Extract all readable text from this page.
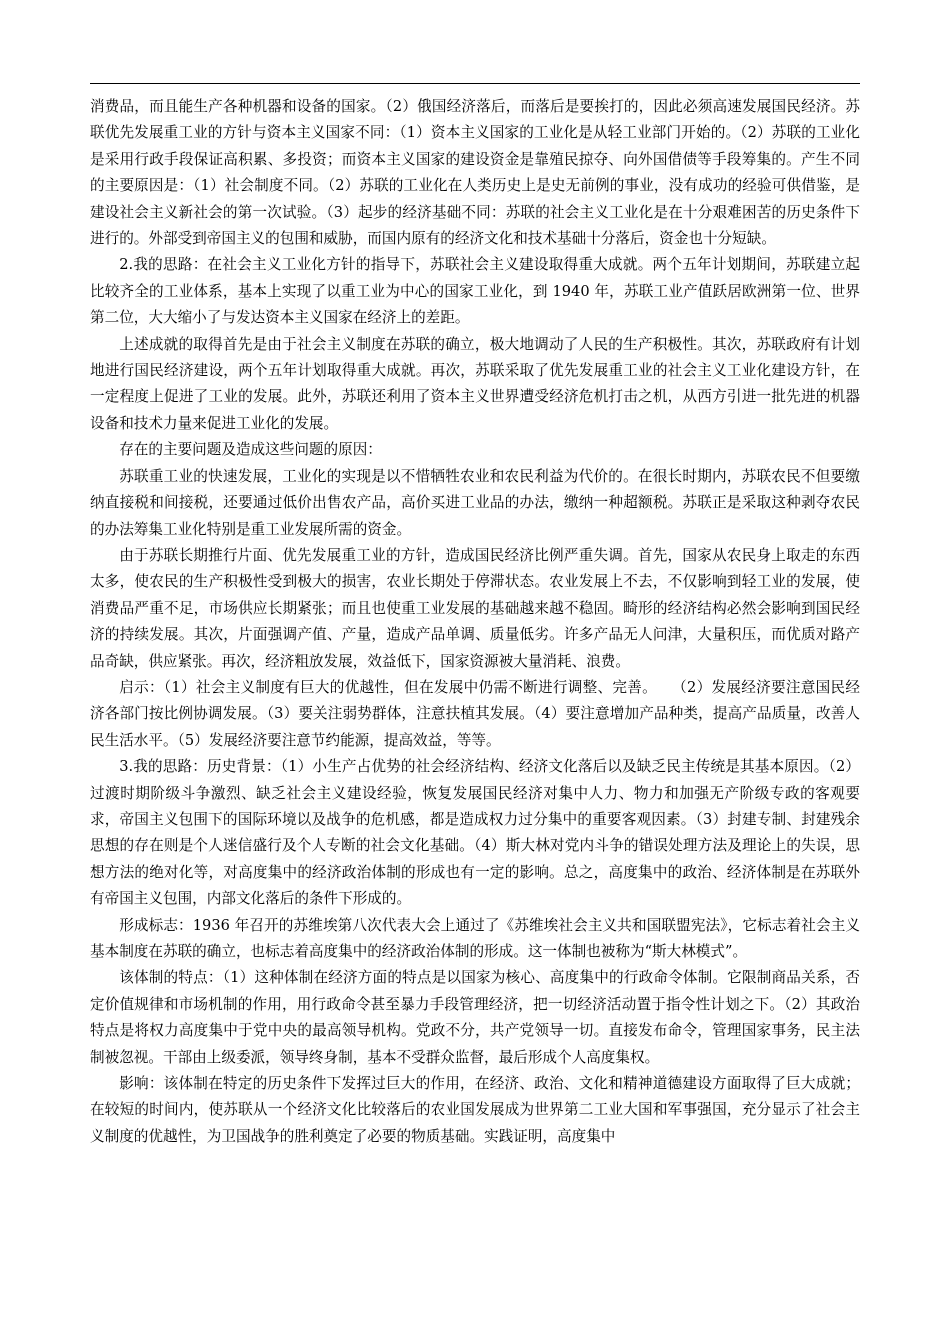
消费品，而且能生产各种机器和设备的国家。（2）俄国经济落后，而落后是要挨打的，因此必须高速发展国民经济。苏联优先发展重工业的方针与资本主义国家不同：（1）资本主义国家的工业化是从轻工业部门开始的。（2）苏联的工业化是采用行政手段保证高积累、多投资；而资本主义国家的建设资金是靠殖民掠夺、向外国借债等手段筹集的。产生不同的主要原因是：（1）社会制度不同。（2）苏联的工业化在人类历史上是史无前例的事业，没有成功的经验可供借鉴，是建设社会主义新社会的第一次试验。（3）起步的经济基础不同：苏联的社会主义工业化是在十分艰难困苦的历史条件下进行的。外部受到帝国主义的包围和威胁，而国内原有的经济文化和技术基础十分落后，资金也十分短缺。

2.我的思路：在社会主义工业化方针的指导下，苏联社会主义建设取得重大成就。两个五年计划期间，苏联建立起比较齐全的工业体系，基本上实现了以重工业为中心的国家工业化，到 1940 年，苏联工业产值跃居欧洲第一位、世界第二位，大大缩小了与发达资本主义国家在经济上的差距。

上述成就的取得首先是由于社会主义制度在苏联的确立，极大地调动了人民的生产积极性。其次，苏联政府有计划地进行国民经济建设，两个五年计划取得重大成就。再次，苏联采取了优先发展重工业的社会主义工业化建设方针，在一定程度上促进了工业的发展。此外，苏联还利用了资本主义世界遭受经济危机打击之机，从西方引进一批先进的机器设备和技术力量来促进工业化的发展。

存在的主要问题及造成这些问题的原因：

苏联重工业的快速发展，工业化的实现是以不惜牺牲农业和农民利益为代价的。在很长时期内，苏联农民不但要缴纳直接税和间接税，还要通过低价出售农产品，高价买进工业品的办法，缴纳一种超额税。苏联正是采取这种剥夺农民的办法筹集工业化特别是重工业发展所需的资金。

由于苏联长期推行片面、优先发展重工业的方针，造成国民经济比例严重失调。首先，国家从农民身上取走的东西太多，使农民的生产积极性受到极大的损害，农业长期处于停滞状态。农业发展上不去，不仅影响到轻工业的发展，使消费品严重不足，市场供应长期紧张；而且也使重工业发展的基础越来越不稳固。畸形的经济结构必然会影响到国民经济的持续发展。其次，片面强调产值、产量，造成产品单调、质量低劣。许多产品无人问津，大量积压，而优质对路产品奇缺，供应紧张。再次，经济粗放发展，效益低下，国家资源被大量消耗、浪费。

启示：（1）社会主义制度有巨大的优越性，但在发展中仍需不断进行调整、完善。　　（2）发展经济要注意国民经济各部门按比例协调发展。（3）要关注弱势群体，注意扶植其发展。（4）要注意增加产品种类，提高产品质量，改善人民生活水平。（5）发展经济要注意节约能源，提高效益，等等。

3.我的思路：历史背景：（1）小生产占优势的社会经济结构、经济文化落后以及缺乏民主传统是其基本原因。（2）过渡时期阶级斗争激烈、缺乏社会主义建设经验，恢复发展国民经济对集中人力、物力和加强无产阶级专政的客观要求，帝国主义包围下的国际环境以及战争的危机感，都是造成权力过分集中的重要客观因素。（3）封建专制、封建残余思想的存在则是个人迷信盛行及个人专断的社会文化基础。（4）斯大林对党内斗争的错误处理方法及理论上的失误，思想方法的绝对化等，对高度集中的经济政治体制的形成也有一定的影响。总之，高度集中的政治、经济体制是在苏联外有帝国主义包围，内部文化落后的条件下形成的。

形成标志：1936 年召开的苏维埃第八次代表大会上通过了《苏维埃社会主义共和国联盟宪法》，它标志着社会主义基本制度在苏联的确立，也标志着高度集中的经济政治体制的形成。这一体制也被称为“斯大林模式”。

该体制的特点：（1）这种体制在经济方面的特点是以国家为核心、高度集中的行政命令体制。它限制商品关系，否定价值规律和市场机制的作用，用行政命令甚至暴力手段管理经济，把一切经济活动置于指令性计划之下。（2）其政治特点是将权力高度集中于党中央的最高领导机构。党政不分，共产党领导一切。直接发布命令，管理国家事务，民主法制被忽视。干部由上级委派，领导终身制，基本不受群众监督，最后形成个人高度集权。

影响：该体制在特定的历史条件下发挥过巨大的作用，在经济、政治、文化和精神道德建设方面取得了巨大成就；在较短的时间内，使苏联从一个经济文化比较落后的农业国发展成为世界第二工业大国和军事强国，充分显示了社会主义制度的优越性，为卫国战争的胜利奠定了必要的物质基础。实践证明，高度集中
